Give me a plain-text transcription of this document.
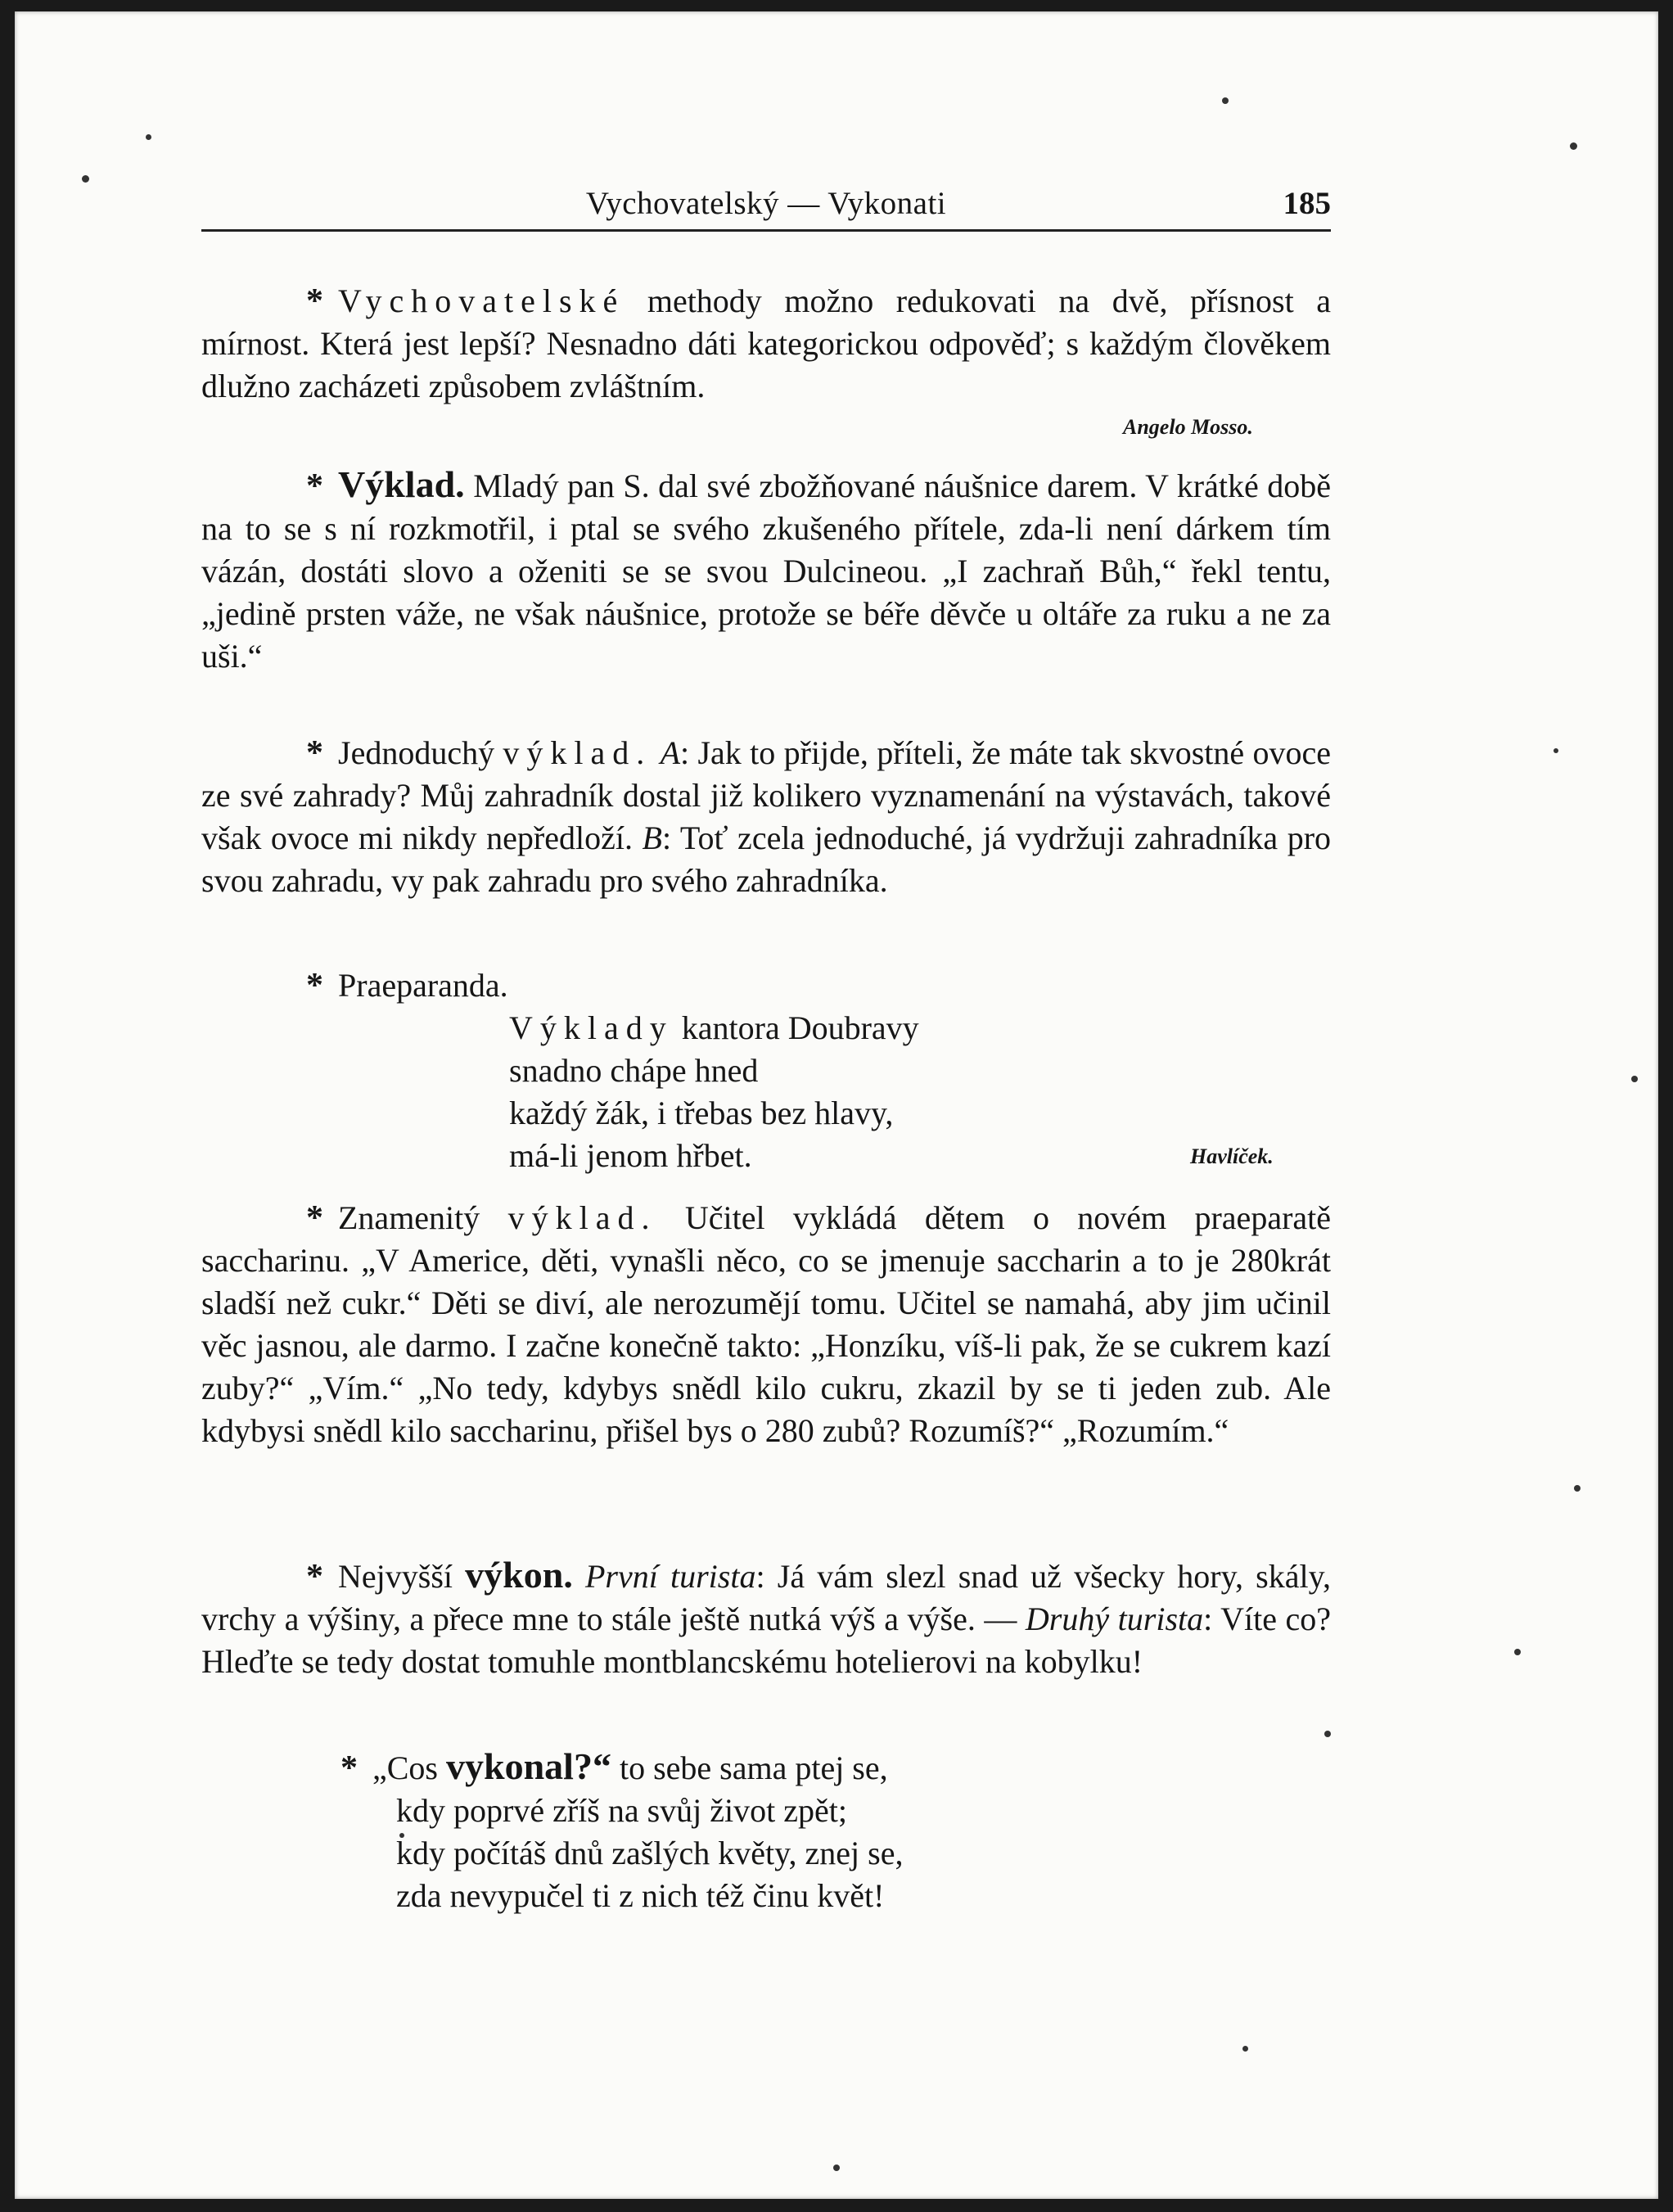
Vychovatelský — Vykonati	185
* Vychovatelské methody možno redukovati na dvě, přísnost a mírnost. Která jest lepší? Nesnadno dáti kategorickou odpověď; s každým člověkem dlužno zacházeti způsobem zvláštním.
Angelo Mosso.
* Výklad. Mladý pan S. dal své zbožňované náušnice darem. V krátké době na to se s ní rozkmotřil, i ptal se svého zkušeného přítele, zda-li není dárkem tím vázán, dostáti slovo a oženiti se se svou Dulcineou. „I zachraň Bůh,“ řekl tentu, „jedině prsten váže, ne však náušnice, protože se béře děvče u oltáře za ruku a ne za uši.“
* Jednoduchý výklad. A: Jak to přijde, příteli, že máte tak skvostné ovoce ze své zahrady? Můj zahradník dostal již kolikero vyznamenání na výstavách, takové však ovoce mi nikdy nepředloží. B: Toť zcela jednoduché, já vydržuji zahradníka pro svou zahradu, vy pak zahradu pro svého zahradníka.
* Praeparanda.
Výklady kantora Doubravy
snadno chápe hned
každý žák, i třebas bez hlavy,
má-li jenom hřbet.	Havlíček.
* Znamenitý výklad. Učitel vykládá dětem o novém praeparatě saccharinu. „V Americe, děti, vynašli něco, co se jmenuje saccharin a to je 280krát sladší než cukr.“ Děti se diví, ale nerozumějí tomu. Učitel se namahá, aby jim učinil věc jasnou, ale darmo. I začne konečně takto: „Honzíku, víš-li pak, že se cukrem kazí zuby?“ „Vím.“ „No tedy, kdybys snědl kilo cukru, zkazil by se ti jeden zub. Ale kdybysi snědl kilo saccharinu, přišel bys o 280 zubů? Rozumíš?“ „Rozumím.“
* Nejvyšší výkon. První turista: Já vám slezl snad už všecky hory, skály, vrchy a výšiny, a přece mne to stále ještě nutká výš a výše. — Druhý turista: Víte co? Hleďte se tedy dostat tomuhle montblancskému hotelierovi na kobylku!
* „Cos vykonal?“ to sebe sama ptej se,
kdy poprvé zříš na svůj život zpět;
kdy počítáš dnů zašlých květy, znej se,
zda nevypučel ti z nich též činu květ!
